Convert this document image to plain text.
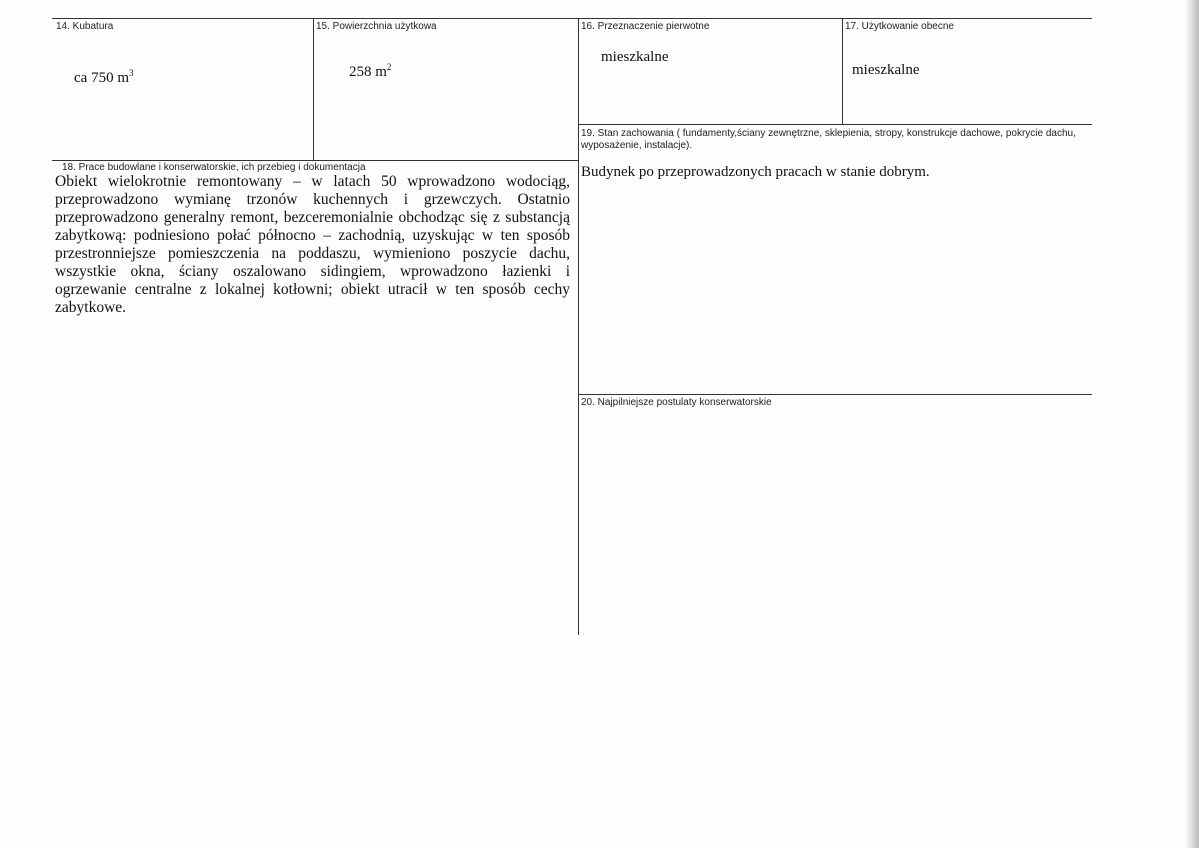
14. Kubatura
ca 750 $m^3$
15. Powierzchnia użytkowa
258 $m^2$
16. Przeznaczenie pierwotne
mieszkalne
17. Użytkowanie obecne
mieszkalne
19. Stan zachowania ( fundamenty,ściany zewnętrzne, sklepienia, stropy, konstrukcje dachowe, pokrycie dachu, wyposażenie, instalacje).
Budynek po przeprowadzonych pracach w stanie dobrym.
18. Prace budowlane i konserwatorskie, ich przebieg i dokumentacja
Obiekt wielokrotnie remontowany – w latach 50 wprowadzono wodociąg, przeprowadzono wymianę trzonów kuchennych i grzewczych. Ostatnio przeprowadzono generalny remont, bezceremonialnie obchodząc się z substancją zabytkową: podniesiono połać północno – zachodnią, uzyskując w ten sposób przestronniejsze pomieszczenia na poddaszu, wymieniono poszycie dachu, wszystkie okna, ściany oszalowano sidingiem, wprowadzono łazienki i ogrzewanie centralne z lokalnej kotłowni; obiekt utracił w ten sposób cechy zabytkowe.
20. Najpilniejsze postulaty konserwatorskie
